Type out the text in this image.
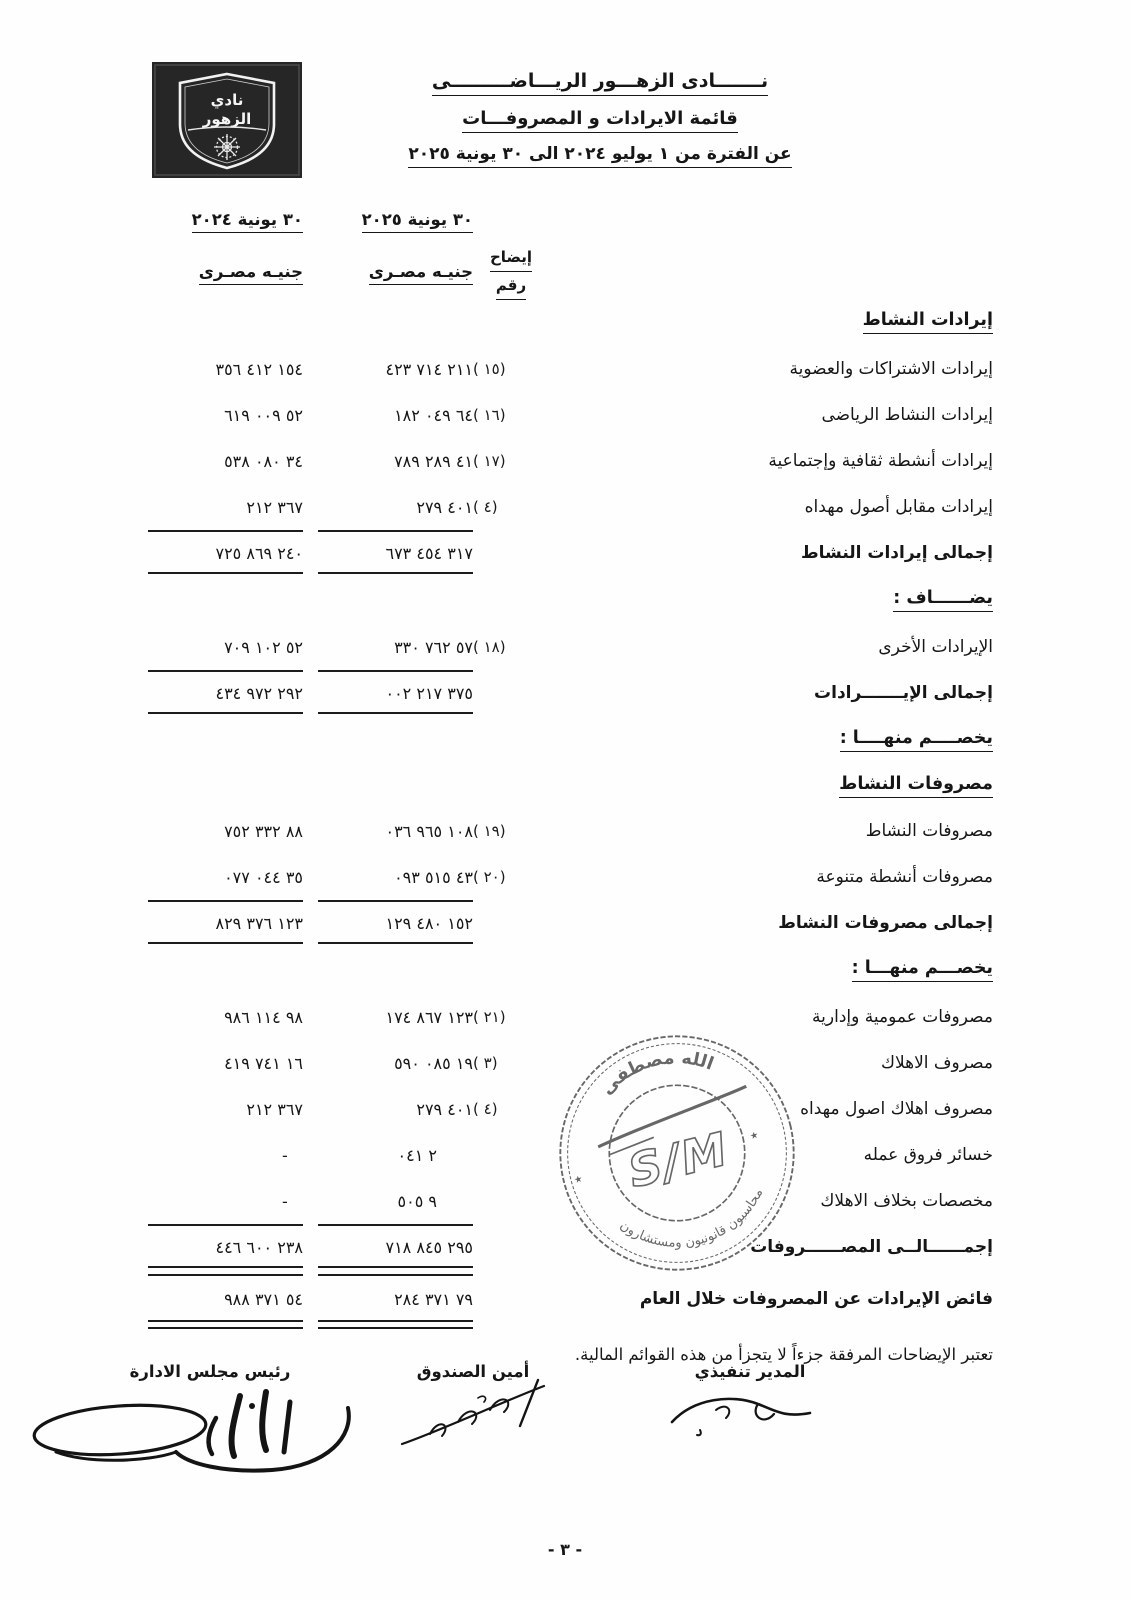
نادي
الزهور
نـــــــادى الزهـــور الريـــاضـــــــــى
قائمة الايرادات و المصروفـــات
عن الفترة من ١ يوليو ٢٠٢٤ الى ٣٠ يونية ٢٠٢٥
٣٠ يونية ٢٠٢٥
٣٠ يونية ٢٠٢٤
جنيـه مصـرى
جنيـه مصـرى
إيضاح
رقم
إيرادات النشاط
إيرادات الاشتراكات والعضوية
( ١٥)
٢١١ ٧١٤ ٤٢٣
١٥٤ ٤١٢ ٣٥٦
إيرادات النشاط الرياضى
( ١٦)
٦٤ ٠٤٩ ١٨٢
٥٢ ٠٠٩ ٦١٩
إيرادات أنشطة ثقافية وإجتماعية
( ١٧)
٤١ ٢٨٩ ٧٨٩
٣٤ ٠٨٠ ٥٣٨
إيرادات مقابل أصول مهداه
( ٤)
٤٠١ ٢٧٩
٣٦٧ ٢١٢
إجمالى إيرادات النشاط
٣١٧ ٤٥٤ ٦٧٣
٢٤٠ ٨٦٩ ٧٢٥
يضــــــاف :
الإيرادات الأخرى
( ١٨)
٥٧ ٧٦٢ ٣٣٠
٥٢ ١٠٢ ٧٠٩
إجمالى الإيـــــــرادات
٣٧٥ ٢١٧ ٠٠٢
٢٩٢ ٩٧٢ ٤٣٤
يخصــــم منهــــا :
مصروفات النشاط
مصروفات النشاط
( ١٩)
١٠٨ ٩٦٥ ٠٣٦
٨٨ ٣٣٢ ٧٥٢
مصروفات أنشطة متنوعة
( ٢٠)
٤٣ ٥١٥ ٠٩٣
٣٥ ٠٤٤ ٠٧٧
إجمالى مصروفات النشاط
١٥٢ ٤٨٠ ١٢٩
١٢٣ ٣٧٦ ٨٢٩
يخصـــم منهـــا :
مصروفات عمومية وإدارية
( ٢١)
١٢٣ ٨٦٧ ١٧٤
٩٨ ١١٤ ٩٨٦
مصروف الاهلاك
( ٣)
١٩ ٠٨٥ ٥٩٠
١٦ ٧٤١ ٤١٩
مصروف اهلاك اصول مهداه
( ٤)
٤٠١ ٢٧٩
٣٦٧ ٢١٢
خسائر فروق عمله
٢ ٠٤١
-
مخصصات بخلاف الاهلاك
٩ ٥٠٥
-
إجمــــــالــى المصــــــروفات
٢٩٥ ٨٤٥ ٧١٨
٢٣٨ ٦٠٠ ٤٤٦
فائض الإيرادات عن المصروفات خلال العام
٧٩ ٣٧١ ٢٨٤
٥٤ ٣٧١ ٩٨٨
تعتبر الإيضاحات المرفقة جزءاً لا يتجزأ من هذه القوائم المالية.
الله مصطفى
محاسبون قانونيون ومستشارون
٭
٭
S∕M
المدير تنفيذي
أمين الصندوق
رئيس مجلس الادارة
- ٣ -
